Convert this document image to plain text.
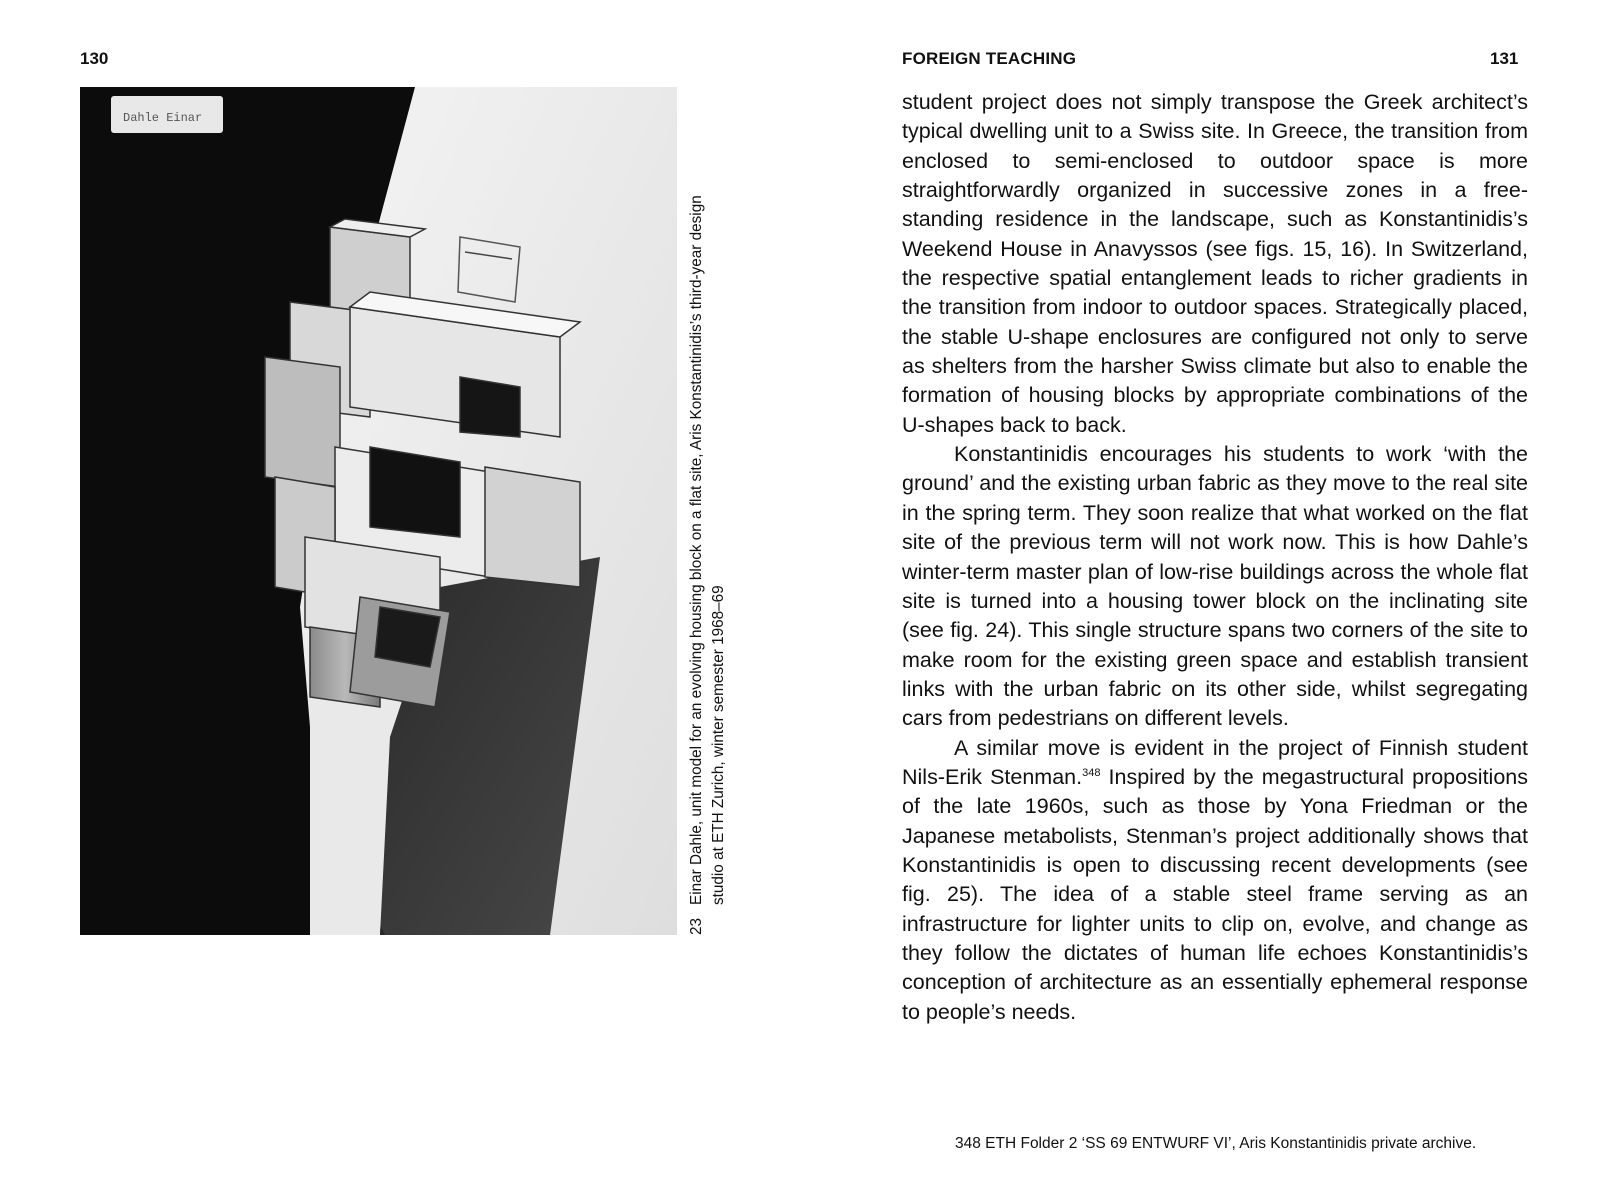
130
Dahle Einar
23Einar Dahle, unit model for an evolving housing block on a flat site, Aris Konstantinidis’s third-year design studio at ETH Zurich, winter semester 1968–69
FOREIGN TEACHING	131

student project does not simply transpose the Greek architect’s typical dwelling unit to a Swiss site. In Greece, the transition from enclosed to semi-enclosed to outdoor space is more straightforwardly organized in successive zones in a free-standing residence in the landscape, such as Konstantinidis’s Weekend House in Anavyssos (see figs. 15, 16). In Switzerland, the respective spatial entanglement leads to richer gradients in the transition from indoor to outdoor spaces. Strategically placed, the stable U-shape enclosures are configured not only to serve as shelters from the harsher Swiss climate but also to enable the formation of housing blocks by appropriate combinations of the U-shapes back to back.

Konstantinidis encourages his students to work ‘with the ground’ and the existing urban fabric as they move to the real site in the spring term. They soon realize that what worked on the flat site of the previous term will not work now. This is how Dahle’s winter-term master plan of low-rise buildings across the whole flat site is turned into a housing tower block on the inclinating site (see fig. 24). This single structure spans two corners of the site to make room for the existing green space and establish transient links with the urban fabric on its other side, whilst segregating cars from pedestrians on different levels.

A similar move is evident in the project of Finnish student Nils-Erik Stenman.$^{348}$ Inspired by the megastructural propositions of the late 1960s, such as those by Yona Friedman or the Japanese metabolists, Stenman’s project additionally shows that Konstantinidis is open to discussing recent developments (see fig. 25). The idea of a stable steel frame serving as an infrastructure for lighter units to clip on, evolve, and change as they follow the dictates of human life echoes Konstantinidis’s conception of architecture as an essentially ephemeral response to people’s needs.

348 ETH Folder 2 ‘SS 69 ENTWURF VI’, Aris Konstantinidis private archive.
